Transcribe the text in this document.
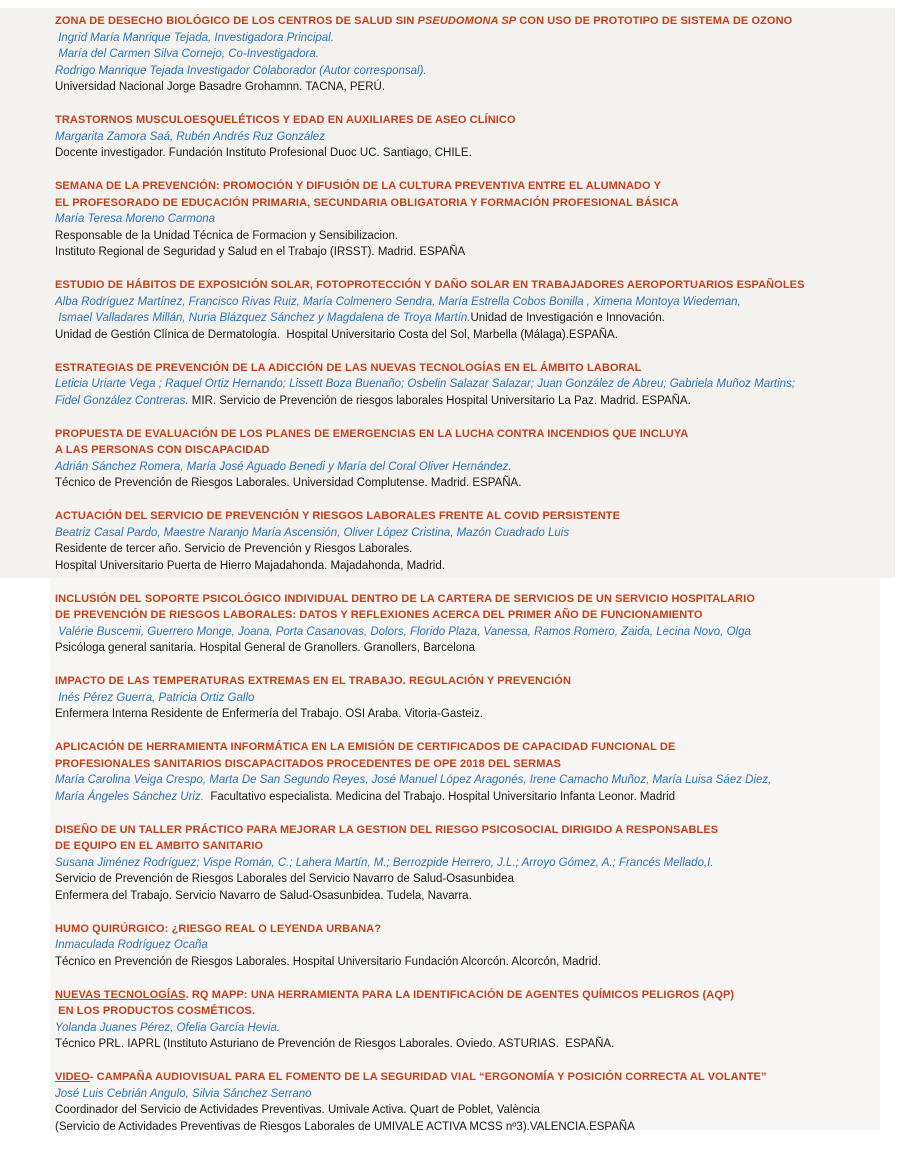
ZONA DE DESECHO BIOLÓGICO DE LOS CENTROS DE SALUD SIN PSEUDOMONA SP CON USO DE PROTOTIPO DE SISTEMA DE OZONO
Ingrid María Manrique Tejada, Investigadora Principal.
María del Carmen Silva Cornejo, Co-Investigadora.
Rodrigo Manrique Tejada Investigador Colaborador (Autor corresponsal).
Universidad Nacional Jorge Basadre Grohamnn. TACNA, PERÚ.
TRASTORNOS MUSCULOESQUELÉTICOS Y EDAD EN AUXILIARES DE ASEO CLÍNICO
Margarita Zamora Saá, Rubén Andrés Ruz González
Docente investigador. Fundación Instituto Profesional Duoc UC. Santiago, CHILE.
SEMANA DE LA PREVENCIÓN: PROMOCIÓN Y DIFUSIÓN DE LA CULTURA PREVENTIVA ENTRE EL ALUMNADO Y
EL PROFESORADO DE EDUCACIÓN PRIMARIA, SECUNDARIA OBLIGATORIA Y FORMACIÓN PROFESIONAL BÁSICA
María Teresa Moreno Carmona
Responsable de la Unidad Técnica de Formacion y Sensibilizacion.
Instituto Regional de Seguridad y Salud en el Trabajo (IRSST). Madrid. ESPAÑA
ESTUDIO DE HÁBITOS DE EXPOSICIÓN SOLAR, FOTOPROTECCIÓN Y DAÑO SOLAR EN TRABAJADORES AEROPORTUARIOS ESPAÑOLES
Alba Rodríguez Martínez, Francisco Rivas Ruiz, María Colmenero Sendra, María Estrella Cobos Bonilla , Ximena Montoya Wiedeman,
Ismael Valladares Millán, Nuria Blázquez Sánchez y Magdalena de Troya Martín.Unidad de Investigación e Innovación.
Unidad de Gestión Clínica de Dermatología.  Hospital Universitario Costa del Sol, Marbella (Málaga).ESPAÑA.
ESTRATEGIAS DE PREVENCIÓN DE LA ADICCIÓN DE LAS NUEVAS TECNOLOGÍAS EN EL ÁMBITO LABORAL
Leticia Uriarte Vega ; Raquel Ortiz Hernando; Lissett Boza Buenaño; Osbelin Salazar Salazar; Juan González de Abreu; Gabriela Muñoz Martins;
Fidel González Contreras. MIR. Servicio de Prevención de riesgos laborales Hospital Universitario La Paz. Madrid. ESPAÑA.
PROPUESTA DE EVALUACIÓN DE LOS PLANES DE EMERGENCIAS EN LA LUCHA CONTRA INCENDIOS QUE INCLUYA
A LAS PERSONAS CON DISCAPACIDAD
Adrián Sánchez Romera, María José Aguado Benedi y María del Coral Oliver Hernández.
Técnico de Prevención de Riesgos Laborales. Universidad Complutense. Madrid. ESPAÑA.
ACTUACIÓN DEL SERVICIO DE PREVENCIÓN Y RIESGOS LABORALES FRENTE AL COVID PERSISTENTE
Beatriz Casal Pardo, Maestre Naranjo María Ascensión, Oliver López Cristina, Mazón Cuadrado Luis
Residente de tercer año. Servicio de Prevención y Riesgos Laborales.
Hospital Universitario Puerta de Hierro Majadahonda. Majadahonda, Madrid.
INCLUSIÓN DEL SOPORTE PSICOLÓGICO INDIVIDUAL DENTRO DE LA CARTERA DE SERVICIOS DE UN SERVICIO HOSPITALARIO
DE PREVENCIÓN DE RIESGOS LABORALES: DATOS Y REFLEXIONES ACERCA DEL PRIMER AÑO DE FUNCIONAMIENTO
Valérie Buscemi, Guerrero Monge, Joana, Porta Casanovas, Dolors, Florido Plaza, Vanessa, Ramos Romero, Zaida, Lecina Novo, Olga
Psicóloga general sanitaria. Hospital General de Granollers. Granollers, Barcelona
IMPACTO DE LAS TEMPERATURAS EXTREMAS EN EL TRABAJO. REGULACIÓN Y PREVENCIÓN
Inés Pérez Guerra, Patricia Ortiz Gallo
Enfermera Interna Residente de Enfermería del Trabajo. OSI Araba. Vitoria-Gasteiz.
APLICACIÓN DE HERRAMIENTA INFORMÁTICA EN LA EMISIÓN DE CERTIFICADOS DE CAPACIDAD FUNCIONAL DE
PROFESIONALES SANITARIOS DISCAPACITADOS PROCEDENTES DE OPE 2018 DEL SERMAS
María Carolina Veiga Crespo, Marta De San Segundo Reyes, José Manuel López Aragonés, Irene Camacho Muñoz, María Luisa Sáez Diez,
María Ángeles Sánchez Uriz.  Facultativo especialista. Medicina del Trabajo. Hospital Universitario Infanta Leonor. Madrid
DISEÑO DE UN TALLER PRÁCTICO PARA MEJORAR LA GESTION DEL RIESGO PSICOSOCIAL DIRIGIDO A RESPONSABLES
DE EQUIPO EN EL AMBITO SANITARIO
Susana Jiménez Rodríguez; Vispe Román, C.; Lahera Martín, M.; Berrozpide Herrero, J.L.; Arroyo Gómez, A.; Francés Mellado,I.
Servicio de Prevención de Riesgos Laborales del Servicio Navarro de Salud-Osasunbidea
Enfermera del Trabajo. Servicio Navarro de Salud-Osasunbidea. Tudela, Navarra.
HUMO QUIRÚRGICO: ¿RIESGO REAL O LEYENDA URBANA?
Inmaculada Rodríguez Ocaña
Técnico en Prevención de Riesgos Laborales. Hospital Universitario Fundación Alcorcón. Alcorcón, Madrid.
NUEVAS TECNOLOGÍAS. RQ MAPP: UNA HERRAMIENTA PARA LA IDENTIFICACIÓN DE AGENTES QUÍMICOS PELIGROS (AQP)
EN LOS PRODUCTOS COSMÉTICOS.
Yolanda Juanes Pérez, Ofelia García Hevia.
Técnico PRL. IAPRL (Instituto Asturiano de Prevención de Riesgos Laborales. Oviedo. ASTURIAS.  ESPAÑA.
VIDEO- CAMPAÑA AUDIOVISUAL PARA EL FOMENTO DE LA SEGURIDAD VIAL “ERGONOMÍA Y POSICIÓN CORRECTA AL VOLANTE”
José Luis Cebrián Angulo, Silvia Sánchez Serrano
Coordinador del Servicio de Actividades Preventivas. Umivale Activa. Quart de Poblet, València
(Servicio de Actividades Preventivas de Riesgos Laborales de UMIVALE ACTIVA MCSS nº3).VALENCIA.ESPAÑA
